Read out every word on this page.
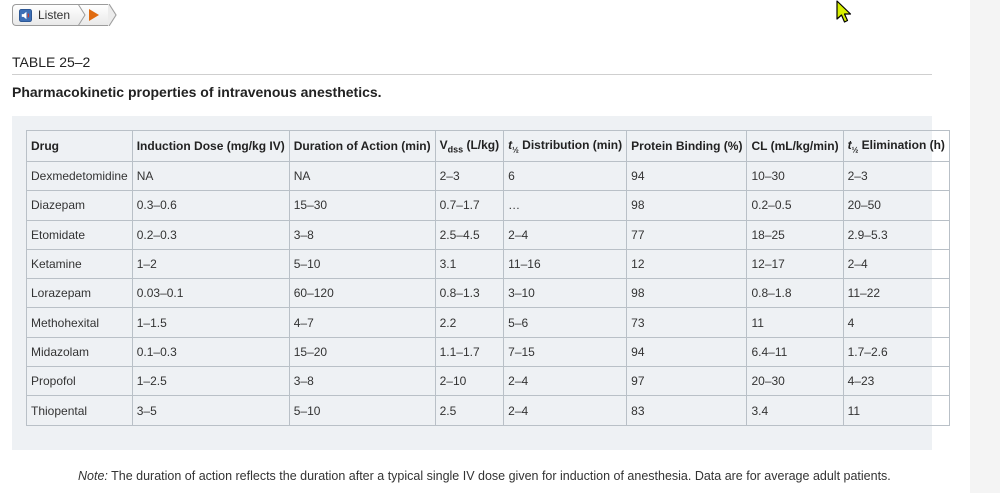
Listen
TABLE 25–2
Pharmacokinetic properties of intravenous anesthetics.
Drug	Induction Dose (mg/kg IV)	Duration of Action (min)	$V_{dss}$ (L/kg)	$t_{\frac{1}{2}}$ Distribution (min)	Protein Binding (%)	CL (mL/kg/min)	$t_{\frac{1}{2}}$ Elimination (h)
Dexmedetomidine	NA	NA	2–3	6	94	10–30	2–3
Diazepam	0.3–0.6	15–30	0.7–1.7	…	98	0.2–0.5	20–50
Etomidate	0.2–0.3	3–8	2.5–4.5	2–4	77	18–25	2.9–5.3
Ketamine	1–2	5–10	3.1	11–16	12	12–17	2–4
Lorazepam	0.03–0.1	60–120	0.8–1.3	3–10	98	0.8–1.8	11–22
Methohexital	1–1.5	4–7	2.2	5–6	73	11	4
Midazolam	0.1–0.3	15–20	1.1–1.7	7–15	94	6.4–11	1.7–2.6
Propofol	1–2.5	3–8	2–10	2–4	97	20–30	4–23
Thiopental	3–5	5–10	2.5	2–4	83	3.4	11
Note: The duration of action reflects the duration after a typical single IV dose given for induction of anesthesia. Data are for average adult patients.
